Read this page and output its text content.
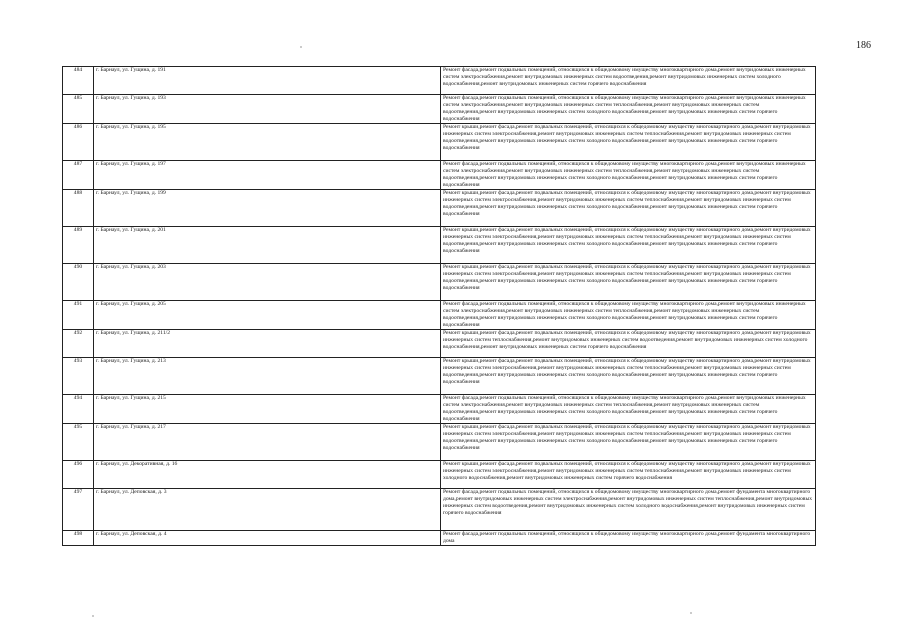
186
484	г. Барнаул, ул. Гущина, д. 191	Ремонт фасада,ремонт подвальных помещений, относящихся к общедомовому имуществу многоквартирного дома,ремонт внутридомовых инженерных систем электроснабжения,ремонт внутридомовых инженерных систем водоотведения,ремонт внутридомовых инженерных систем холодного водоснабжения,ремонт внутридомовых инженерных систем горячего водоснабжения
485	г. Барнаул, ул. Гущина, д. 193	Ремонт фасада,ремонт подвальных помещений, относящихся к общедомовому имуществу многоквартирного дома,ремонт внутридомовых инженерных систем электроснабжения,ремонт внутридомовых инженерных систем теплоснабжения,ремонт внутридомовых инженерных систем водоотведения,ремонт внутридомовых инженерных систем холодного водоснабжения,ремонт внутридомовых инженерных систем горячего водоснабжения
486	г. Барнаул, ул. Гущина, д. 195	Ремонт крыши,ремонт фасада,ремонт подвальных помещений, относящихся к общедомовому имуществу многоквартирного дома,ремонт внутридомовых инженерных систем электроснабжения,ремонт внутридомовых инженерных систем теплоснабжения,ремонт внутридомовых инженерных систем водоотведения,ремонт внутридомовых инженерных систем холодного водоснабжения,ремонт внутридомовых инженерных систем горячего водоснабжения
487	г. Барнаул, ул. Гущина, д. 197	Ремонт фасада,ремонт подвальных помещений, относящихся к общедомовому имуществу многоквартирного дома,ремонт внутридомовых инженерных систем электроснабжения,ремонт внутридомовых инженерных систем теплоснабжения,ремонт внутридомовых инженерных систем водоотведения,ремонт внутридомовых инженерных систем холодного водоснабжения,ремонт внутридомовых инженерных систем горячего водоснабжения
488	г. Барнаул, ул. Гущина, д. 199	Ремонт крыши,ремонт фасада,ремонт подвальных помещений, относящихся к общедомовому имуществу многоквартирного дома,ремонт внутридомовых инженерных систем электроснабжения,ремонт внутридомовых инженерных систем теплоснабжения,ремонт внутридомовых инженерных систем водоотведения,ремонт внутридомовых инженерных систем холодного водоснабжения,ремонт внутридомовых инженерных систем горячего водоснабжения
489	г. Барнаул, ул. Гущина, д. 201	Ремонт крыши,ремонт фасада,ремонт подвальных помещений, относящихся к общедомовому имуществу многоквартирного дома,ремонт внутридомовых инженерных систем электроснабжения,ремонт внутридомовых инженерных систем теплоснабжения,ремонт внутридомовых инженерных систем водоотведения,ремонт внутридомовых инженерных систем холодного водоснабжения,ремонт внутридомовых инженерных систем горячего водоснабжения
490	г. Барнаул, ул. Гущина, д. 203	Ремонт крыши,ремонт фасада,ремонт подвальных помещений, относящихся к общедомовому имуществу многоквартирного дома,ремонт внутридомовых инженерных систем электроснабжения,ремонт внутридомовых инженерных систем теплоснабжения,ремонт внутридомовых инженерных систем водоотведения,ремонт внутридомовых инженерных систем холодного водоснабжения,ремонт внутридомовых инженерных систем горячего водоснабжения
491	г. Барнаул, ул. Гущина, д. 205	Ремонт фасада,ремонт подвальных помещений, относящихся к общедомовому имуществу многоквартирного дома,ремонт внутридомовых инженерных систем электроснабжения,ремонт внутридомовых инженерных систем теплоснабжения,ремонт внутридомовых инженерных систем водоотведения,ремонт внутридомовых инженерных систем холодного водоснабжения,ремонт внутридомовых инженерных систем горячего водоснабжения
492	г. Барнаул, ул. Гущина, д. 211/2	Ремонт крыши,ремонт фасада,ремонт подвальных помещений, относящихся к общедомовому имуществу многоквартирного дома,ремонт внутридомовых инженерных систем теплоснабжения,ремонт внутридомовых инженерных систем водоотведения,ремонт внутридомовых инженерных систем холодного водоснабжения,ремонт внутридомовых инженерных систем горячего водоснабжения
493	г. Барнаул, ул. Гущина, д. 213	Ремонт крыши,ремонт фасада,ремонт подвальных помещений, относящихся к общедомовому имуществу многоквартирного дома,ремонт внутридомовых инженерных систем электроснабжения,ремонт внутридомовых инженерных систем теплоснабжения,ремонт внутридомовых инженерных систем водоотведения,ремонт внутридомовых инженерных систем холодного водоснабжения,ремонт внутридомовых инженерных систем горячего водоснабжения
494	г. Барнаул, ул. Гущина, д. 215	Ремонт фасада,ремонт подвальных помещений, относящихся к общедомовому имуществу многоквартирного дома,ремонт внутридомовых инженерных систем электроснабжения,ремонт внутридомовых инженерных систем теплоснабжения,ремонт внутридомовых инженерных систем водоотведения,ремонт внутридомовых инженерных систем холодного водоснабжения,ремонт внутридомовых инженерных систем горячего водоснабжения
495	г. Барнаул, ул. Гущина, д. 217	Ремонт крыши,ремонт фасада,ремонт подвальных помещений, относящихся к общедомовому имуществу многоквартирного дома,ремонт внутридомовых инженерных систем электроснабжения,ремонт внутридомовых инженерных систем теплоснабжения,ремонт внутридомовых инженерных систем водоотведения,ремонт внутридомовых инженерных систем холодного водоснабжения,ремонт внутридомовых инженерных систем горячего водоснабжения
496	г. Барнаул, ул. Декоративная, д. 16	Ремонт крыши,ремонт фасада,ремонт подвальных помещений, относящихся к общедомовому имуществу многоквартирного дома,ремонт внутридомовых инженерных систем электроснабжения,ремонт внутридомовых инженерных систем теплоснабжения,ремонт внутридомовых инженерных систем холодного водоснабжения,ремонт внутридомовых инженерных систем горячего водоснабжения
497	г. Барнаул, ул. Деповская, д. 3	Ремонт фасада,ремонт подвальных помещений, относящихся к общедомовому имуществу многоквартирного дома,ремонт фундамента многоквартирного дома,ремонт внутридомовых инженерных систем электроснабжения,ремонт внутридомовых инженерных систем теплоснабжения,ремонт внутридомовых инженерных систем водоотведения,ремонт внутридомовых инженерных систем холодного водоснабжения,ремонт внутридомовых инженерных систем горячего водоснабжения
498	г. Барнаул, ул. Деповская, д. 4	Ремонт фасада,ремонт подвальных помещений, относящихся к общедомовому имуществу многоквартирного дома,ремонт фундамента многоквартирного дома
